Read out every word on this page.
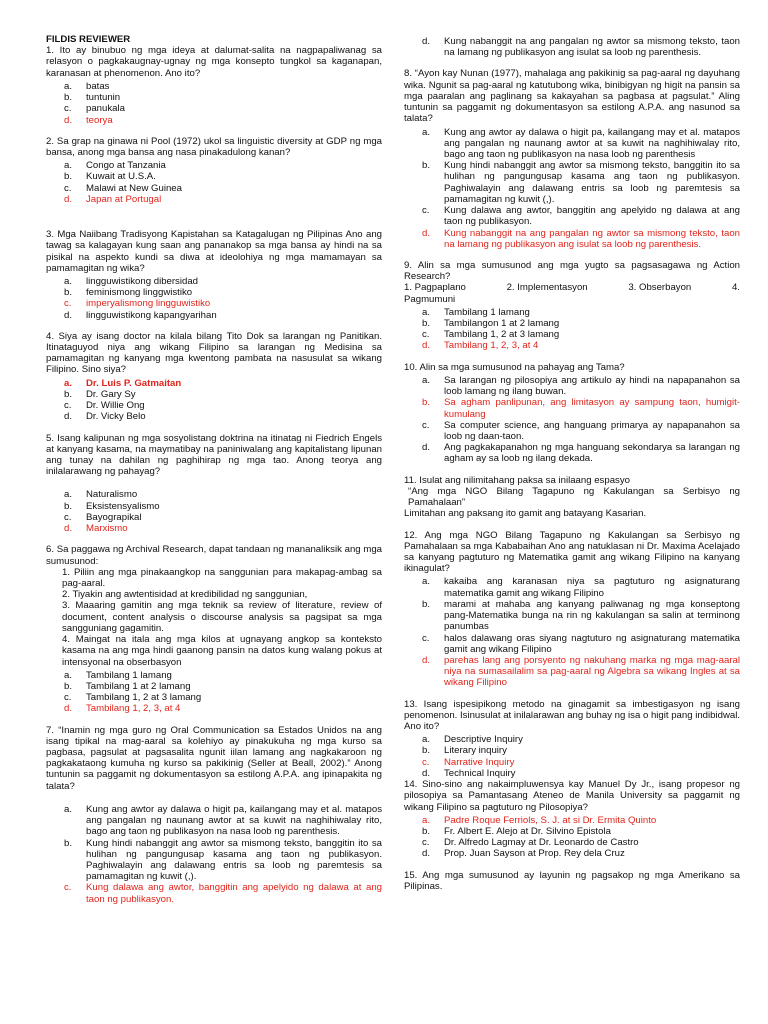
FILDIS REVIEWER

1. Ito ay binubuo ng mga ideya at dalumat-salita na nagpapaliwanag sa relasyon o pagkakaugnay-ugnay ng mga konsepto tungkol sa kaganapan, karanasan at phenomenon. Ano ito?

a.	batas
b.	tuntunin
c.	panukala
d.	teorya

2. Sa grap na ginawa ni Pool (1972) ukol sa linguistic diversity at GDP ng mga bansa, anong mga bansa ang nasa pinakadulong kanan?

a.	Congo at Tanzania
b.	Kuwait at U.S.A.
c.	Malawi at New Guinea
d.	Japan at Portugal

3. Mga Naiibang Tradisyong Kapistahan sa Katagalugan ng Pilipinas Ano ang tawag sa kalagayan kung saan ang pananakop sa mga bansa ay hindi na sa pisikal na aspekto kundi sa diwa at ideolohiya ng mga mamamayan sa pamamagitan ng wika?

a.	lingguwistikong dibersidad
b.	feminismong linggwistiko
c.	imperyalismong lingguwistiko
d.	lingguwistikong kapangyarihan

4. Siya ay isang doctor na kilala bilang Tito Dok sa larangan ng Panitikan. Itinataguyod niya ang wikang Filipino sa larangan ng Medisina sa pamamagitan ng kanyang mga kwentong pambata na nasusulat sa wikang Filipino. Sino siya?

a.	Dr. Luis P. Gatmaitan
b.	Dr. Gary Sy
c.	Dr. Willie Ong
d.	Dr. Vicky Belo

5. Isang kalipunan ng mga sosyolistang doktrina na itinatag ni Fiedrich Engels at kanyang kasama, na maymatibay na paniniwalang ang kapitalistang lipunan ang tunay na dahilan ng paghihirap ng mga tao. Anong teorya ang inilalarawang ng pahayag?

a.	Naturalismo
b.	Eksistensyalismo
c.	Bayograpikal
d.	Marxismo

6. Sa paggawa ng Archival Research, dapat tandaan ng mananaliksik ang mga sumusunod:

1. Piliin ang mga pinakaangkop na sanggunian para makapag-ambag sa pag-aaral.

2. Tiyakin ang awtentisidad at kredibilidad ng sanggunian,

3. Maaaring gamitin ang mga teknik sa review of literature, review of document, content analysis o discourse analysis sa pagsipat sa mga sangguniang gagamitin.

4. Maingat na itala ang mga kilos at ugnayang angkop sa konteksto kasama na ang mga hindi gaanong pansin na datos kung walang pokus at intensyonal na obserbasyon

a.	Tambilang 1 lamang
b.	Tambilang 1 at 2 lamang
c.	Tambilang 1, 2 at 3 lamang
d.	Tambilang 1, 2, 3, at 4

7. “Inamin ng mga guro ng Oral Communication sa Estados Unidos na ang isang tipikal na mag-aaral sa kolehiyo ay pinakukuha ng mga kurso sa pagbasa, pagsulat at pagsasalita ngunit iilan lamang ang nagkakaroon ng pagkakataong kumuha ng kurso sa pakikinig (Seller at Beall, 2002).” Anong tuntunin sa paggamit ng dokumentasyon sa estilong A.P.A. ang ipinapakita ng talata?

a.	Kung ang awtor ay dalawa o higit pa, kailangang may et al. matapos ang pangalan ng naunang awtor at sa kuwit na naghihiwalay rito, bago ang taon ng publikasyon na nasa loob ng parenthesis.
b.	Kung hindi nabanggit ang awtor sa mismong teksto, banggitin ito sa hulihan ng pangungusap kasama ang taon ng publikasyon. Paghiwalayin ang dalawang entris sa loob ng paremtesis sa pamamagitan ng kuwit (,).
c.	Kung dalawa ang awtor, banggitin ang apelyido ng dalawa at ang taon ng publikasyon.
d.	Kung nabanggit na ang pangalan ng awtor sa mismong teksto, taon na lamang ng publikasyon ang isulat sa loob ng parenthesis.

8. “Ayon kay Nunan (1977), mahalaga ang pakikinig sa pag-aaral ng dayuhang wika. Ngunit sa pag-aaral ng katutubong wika, binibigyan ng higit na pansin sa mga paaralan ang paglinang sa kakayahan sa pagbasa at pagsulat.” Aling tuntunin sa paggamit ng dokumentasyon sa estilong A.P.A. ang nasunod sa talata?

a.	Kung ang awtor ay dalawa o higit pa, kailangang may et al. matapos ang pangalan ng naunang awtor at sa kuwit na naghihiwalay rito, bago ang taon ng publikasyon na nasa loob ng parenthesis
b.	Kung hindi nabanggit ang awtor sa mismong teksto, banggitin ito sa hulihan ng pangungusap kasama ang taon ng publikasyon. Paghiwalayin ang dalawang entris sa loob ng paremtesis sa pamamagitan ng kuwit (,).
c.	Kung dalawa ang awtor, banggitin ang apelyido ng dalawa at ang taon ng publikasyon.
d.	Kung nabanggit na ang pangalan ng awtor sa mismong teksto, taon na lamang ng publikasyon ang isulat sa loob ng parenthesis.

9. Alin sa mga sumusunod ang mga yugto sa pagsasagawa ng Action Research?

1. Pagpaplano	2. Implementasyon	3. Obserbayon	4.

Pagmumuni

a.	Tambilang 1 lamang
b.	Tambilangon 1 at 2 lamang
c.	Tambilang 1, 2 at 3 lamang
d.	Tambilang 1, 2, 3, at 4

10. Alin sa mga sumusunod na pahayag ang Tama?

a.	Sa larangan ng pilosopiya ang artikulo ay hindi na napapanahon sa loob lamang ng ilang buwan.
b.	Sa agham panlipunan, ang limitasyon ay sampung taon, humigit-kumulang
c.	Sa computer science, ang hanguang primarya ay napapanahon sa loob ng daan-taon.
d.	Ang pagkakapanahon ng mga hanguang sekondarya sa larangan ng agham ay sa loob ng ilang dekada.

11. Isulat ang nilimitahang paksa sa inilaang espasyo

“Ang mga NGO Bilang Tagapuno ng Kakulangan sa Serbisyo ng Pamahalaan”

Limitahan ang paksang ito gamit ang batayang Kasarian.

12. Ang mga NGO Bilang Tagapuno ng Kakulangan sa Serbisyo ng Pamahalaan sa mga Kababaihan Ano ang natuklasan ni Dr. Maxima Acelajado sa kanyang pagtuturo ng Matematika gamit ang wikang Filipino na kanyang ikinagulat?

a.	kakaiba ang karanasan niya sa pagtuturo ng asignaturang matematika gamit ang wikang Filipino
b.	marami at mahaba ang kanyang paliwanag ng mga konseptong pang-Matematika bunga na rin ng kakulangan sa salin at terminong panumbas
c.	halos dalawang oras siyang nagtuturo ng asignaturang matematika gamit ang wikang Filipino
d.	parehas lang ang porsyento ng nakuhang marka ng mga mag-aaral niya na sumasailalim sa pag-aaral ng Algebra sa wikang Ingles at sa wikang Filipino

13. Isang ispesipikong metodo na ginagamit sa imbestigasyon ng isang penomenon. Isinusulat at inilalarawan ang buhay ng isa o higit pang indibidwal. Ano ito?

a.	Descriptive Inquiry
b.	Literary inquiry
c.	Narrative Inquiry
d.	Technical Inquiry

14. Sino-sino ang nakaimpluwensya kay Manuel Dy Jr., isang propesor ng pilosopiya sa Pamantasang Ateneo de Manila University sa paggamit ng wikang Filipino sa pagtuturo ng Pilosopiya?

a.	Padre Roque Ferriols, S. J. at si Dr. Ermita Quinto
b.	Fr. Albert E. Alejo at Dr. Silvino Epistola
c.	Dr. Alfredo Lagmay at Dr. Leonardo de Castro
d.	Prop. Juan Sayson at Prop. Rey dela Cruz

15. Ang mga sumusunod ay layunin ng pagsakop ng mga Amerikano sa Pilipinas.
